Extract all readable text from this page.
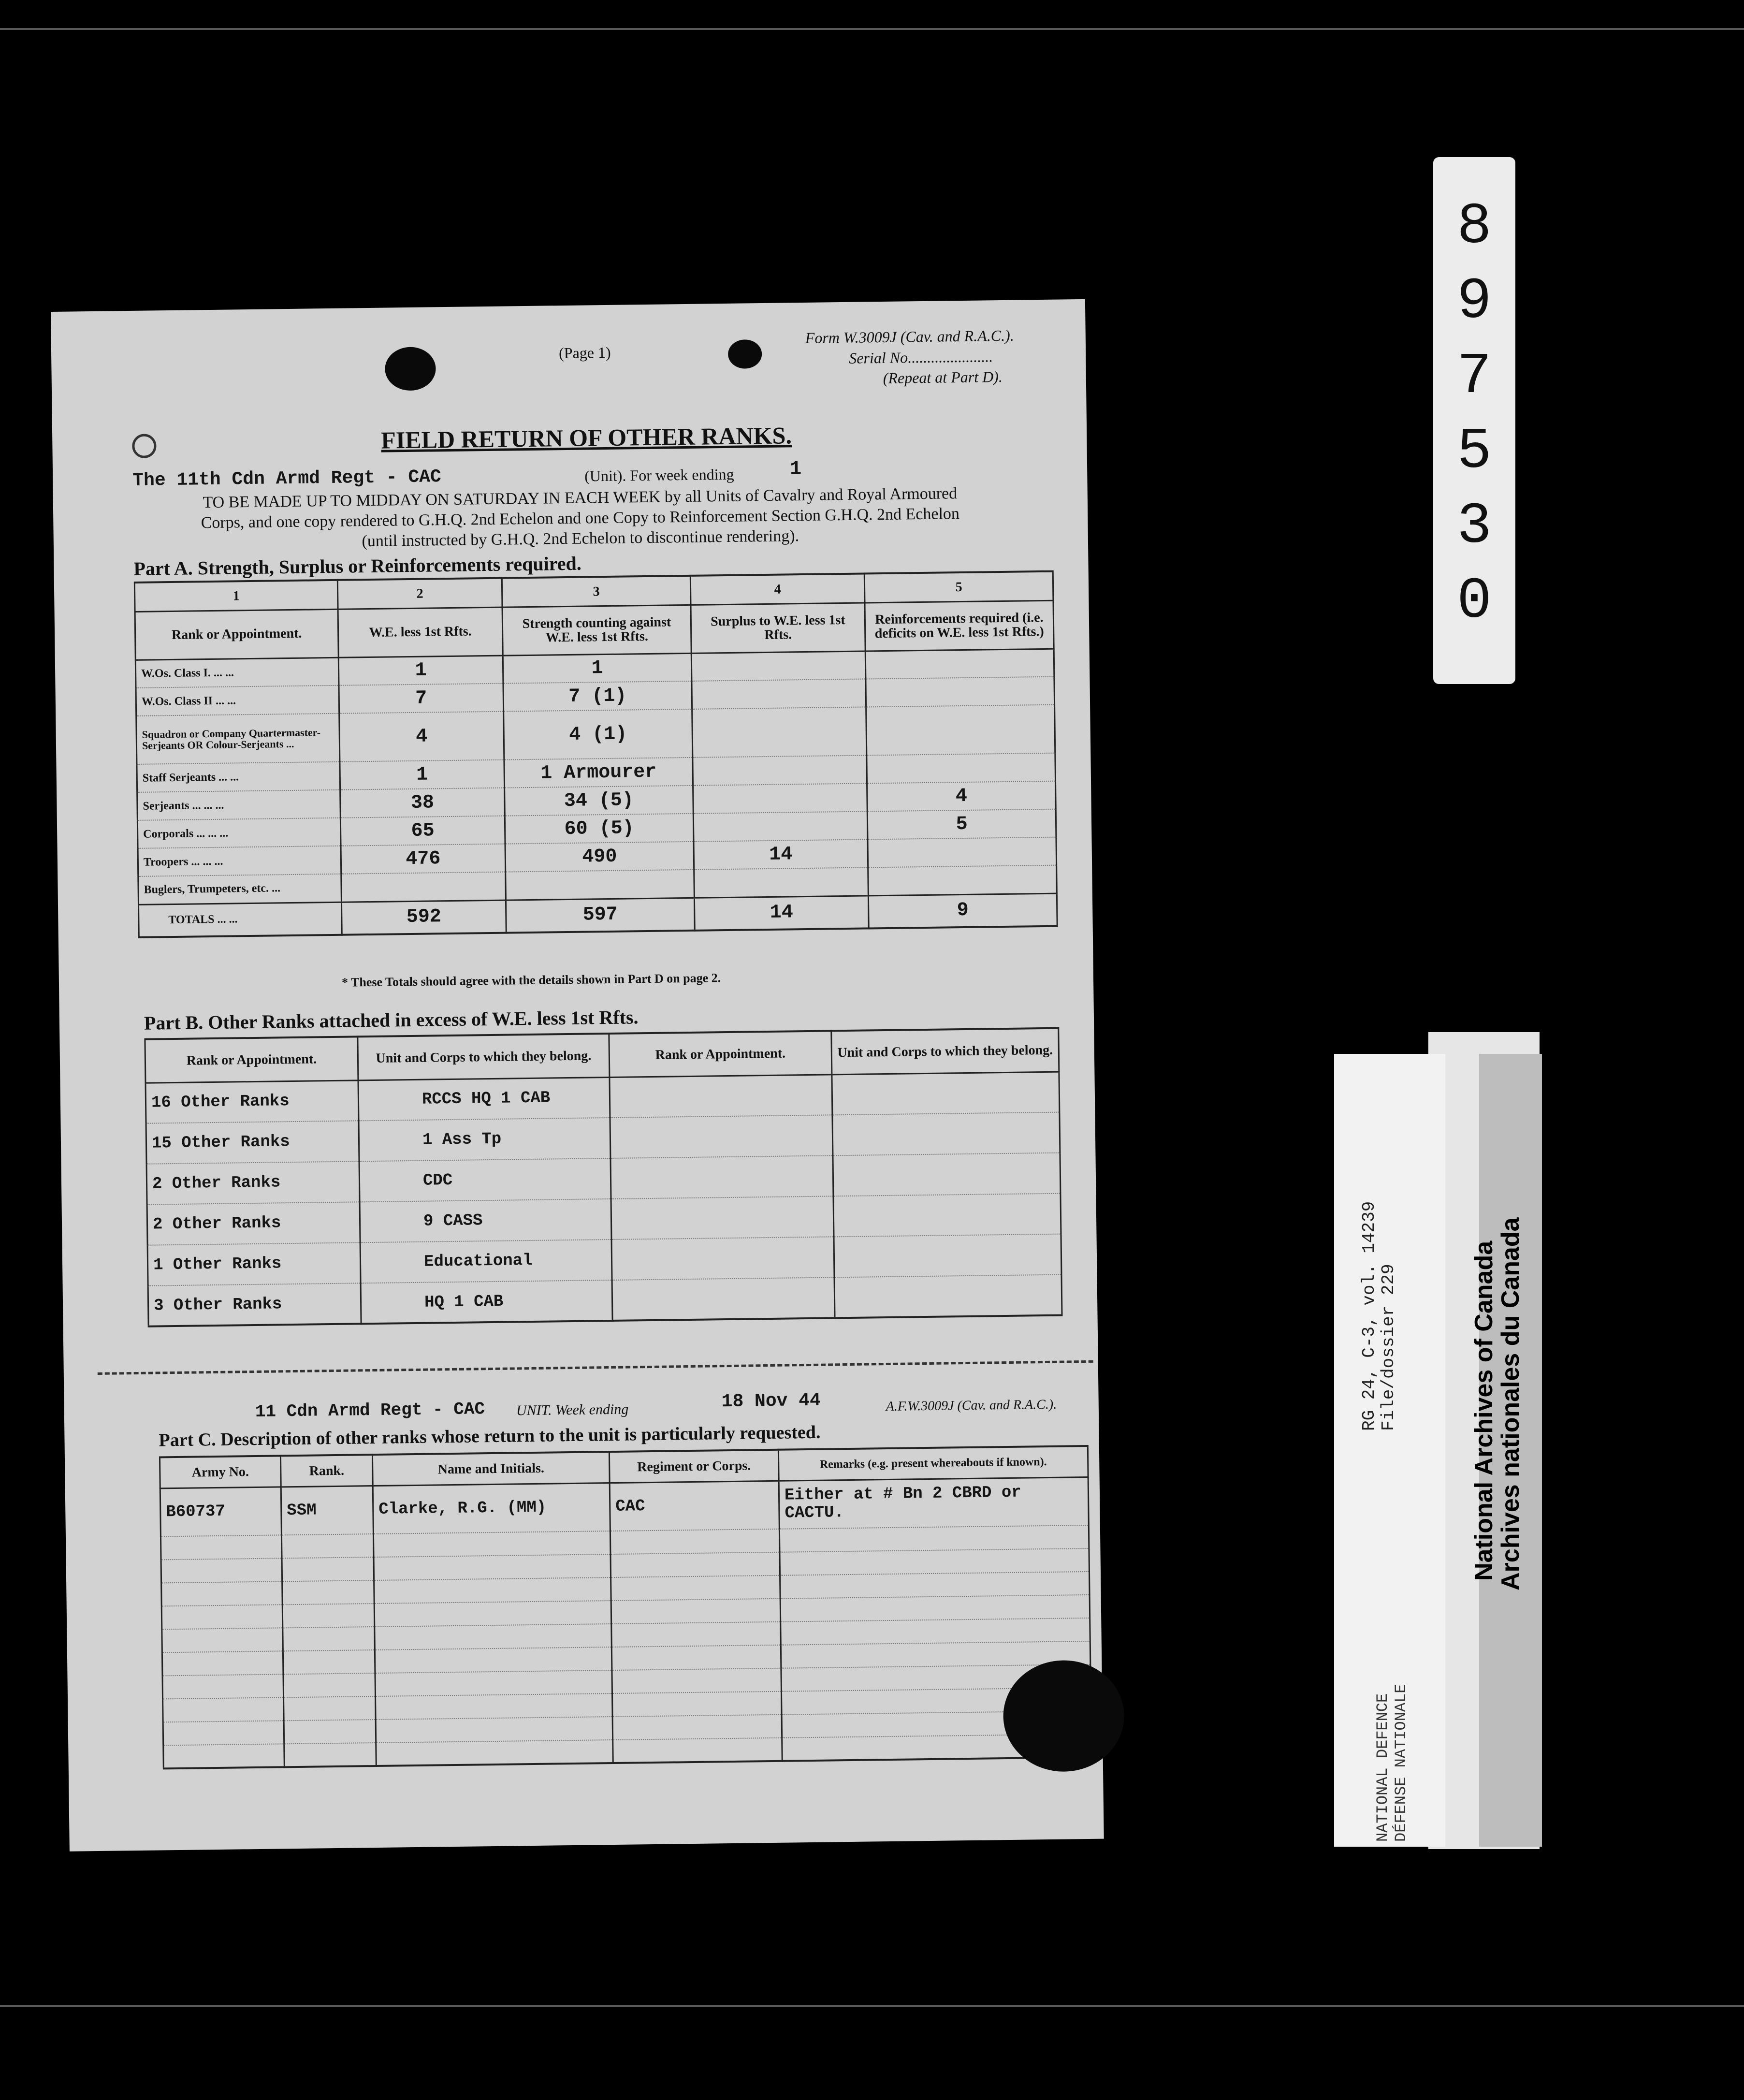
(Page 1)
Form W.3009J (Cav. and R.A.C.).
Serial No......................
(Repeat at Part D).
FIELD RETURN OF OTHER RANKS.
The 11th Cdn Armd Regt - CAC	(Unit). For week ending	1
TO BE MADE UP TO MIDDAY ON SATURDAY IN EACH WEEK by all Units of Cavalry and Royal Armoured
Corps, and one copy rendered to G.H.Q. 2nd Echelon and one Copy to Reinforcement Section G.H.Q. 2nd Echelon
(until instructed by G.H.Q. 2nd Echelon to discontinue rendering).
Part A. Strength, Surplus or Reinforcements required.
1	2	3	4	5
Rank or Appointment.	W.E. less 1st Rfts.	Strength counting against W.E. less 1st Rfts.	Surplus to W.E. less 1st Rfts.	Reinforcements required (i.e. deficits on W.E. less 1st Rfts.)
W.Os. Class I. ... ...	1	1		
W.Os. Class II ... ...	7	7 (1)		
Squadron or Company Quartermaster-Serjeants OR Colour-Serjeants ...	4	4 (1)		
Staff Serjeants ... ...	1	1 Armourer		
Serjeants ... ... ...	38	34 (5)		4
Corporals ... ... ...	65	60 (5)		5
Troopers ... ... ...	476	490	14	
Buglers, Trumpeters, etc. ...				
TOTALS ... ...	592	597	14	9
* These Totals should agree with the details shown in Part D on page 2.
Part B. Other Ranks attached in excess of W.E. less 1st Rfts.
Rank or Appointment.	Unit and Corps to which they belong.	Rank or Appointment.	Unit and Corps to which they belong.
16 Other Ranks	RCCS HQ 1 CAB		
15 Other Ranks	1 Ass Tp		
2 Other Ranks	CDC		
2 Other Ranks	9 CASS		
1 Other Ranks	Educational		
3 Other Ranks	HQ 1 CAB		
11 Cdn Armd Regt - CAC UNIT. Week ending	18 Nov 44	A.F.W.3009J (Cav. and R.A.C.).
Part C. Description of other ranks whose return to the unit is particularly requested.
Army No.	Rank.	Name and Initials.	Regiment or Corps.	Remarks (e.g. present whereabouts if known).
B60737	SSM	Clarke, R.G. (MM)	CAC	Either at # Bn 2 CBRD or CACTU.

8
9
7
5
3
0
RG 24, C-3, vol. 14239 File/dossier 229
NATIONAL DEFENCE DÉFENSE NATIONALE
National Archives of Canada
Archives nationales du Canada
